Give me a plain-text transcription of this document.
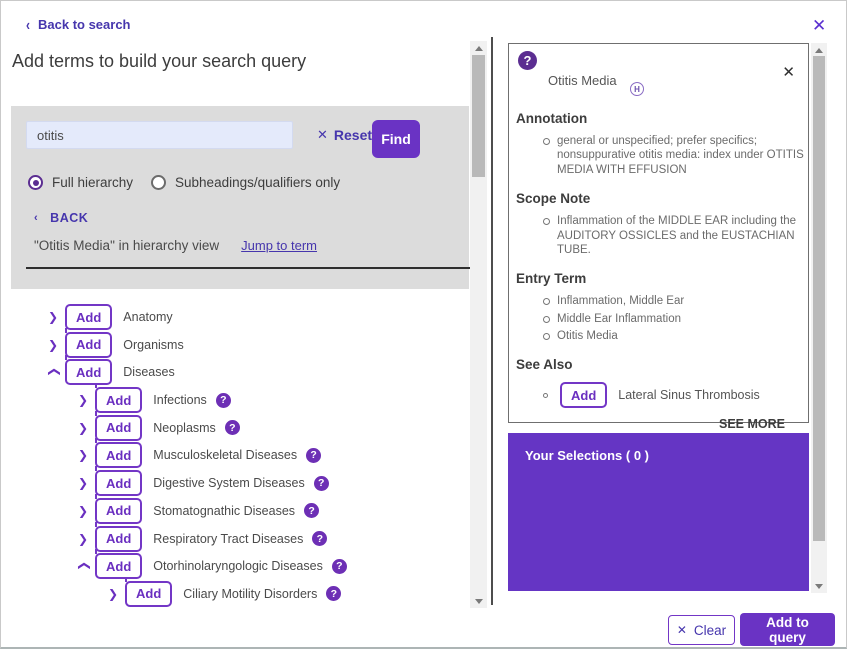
‹ Back to search	✕
Add terms to build your search query
otitis
✕ Reset Find
Full hierarchy	Subheadings/qualifiers only
‹ BACK
"Otitis Media" in hierarchy view Jump to term
❯	Add	Anatomy
❯	Add	Organisms
❯	Add	Diseases
❯	Add	Infections	?
❯	Add	Neoplasms	?
❯	Add	Musculoskeletal Diseases	?
❯	Add	Digestive System Diseases	?
❯	Add	Stomatognathic Diseases	?
❯	Add	Respiratory Tract Diseases	?
❯	Add	Otorhinolaryngologic Diseases	?
❯	Add	Ciliary Motility Disorders	?
?
Otitis Media
H
✕
Annotation
general or unspecified; prefer specifics; nonsuppurative otitis media: index under OTITIS MEDIA WITH EFFUSION
Scope Note
Inflammation of the MIDDLE EAR including the AUDITORY OSSICLES and the EUSTACHIAN TUBE.
Entry Term
Inflammation, Middle Ear
Middle Ear Inflammation
Otitis Media
See Also
Add	Lateral Sinus Thrombosis
SEE MORE
Your Selections ( 0 )
✕ Clear
Add to query
